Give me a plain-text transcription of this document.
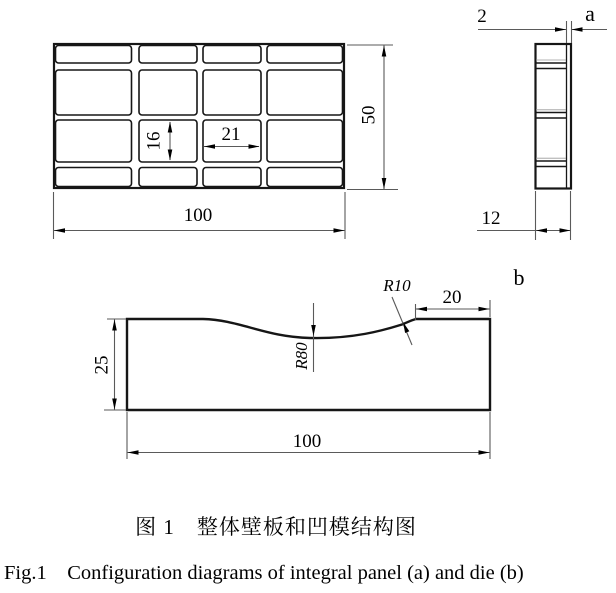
16	21
50
100
2	a
12
25	R80
R10
20
100
b
图 1　整体壁板和凹模结构图
Fig.1　Configuration diagrams of integral panel (a) and die (b)
